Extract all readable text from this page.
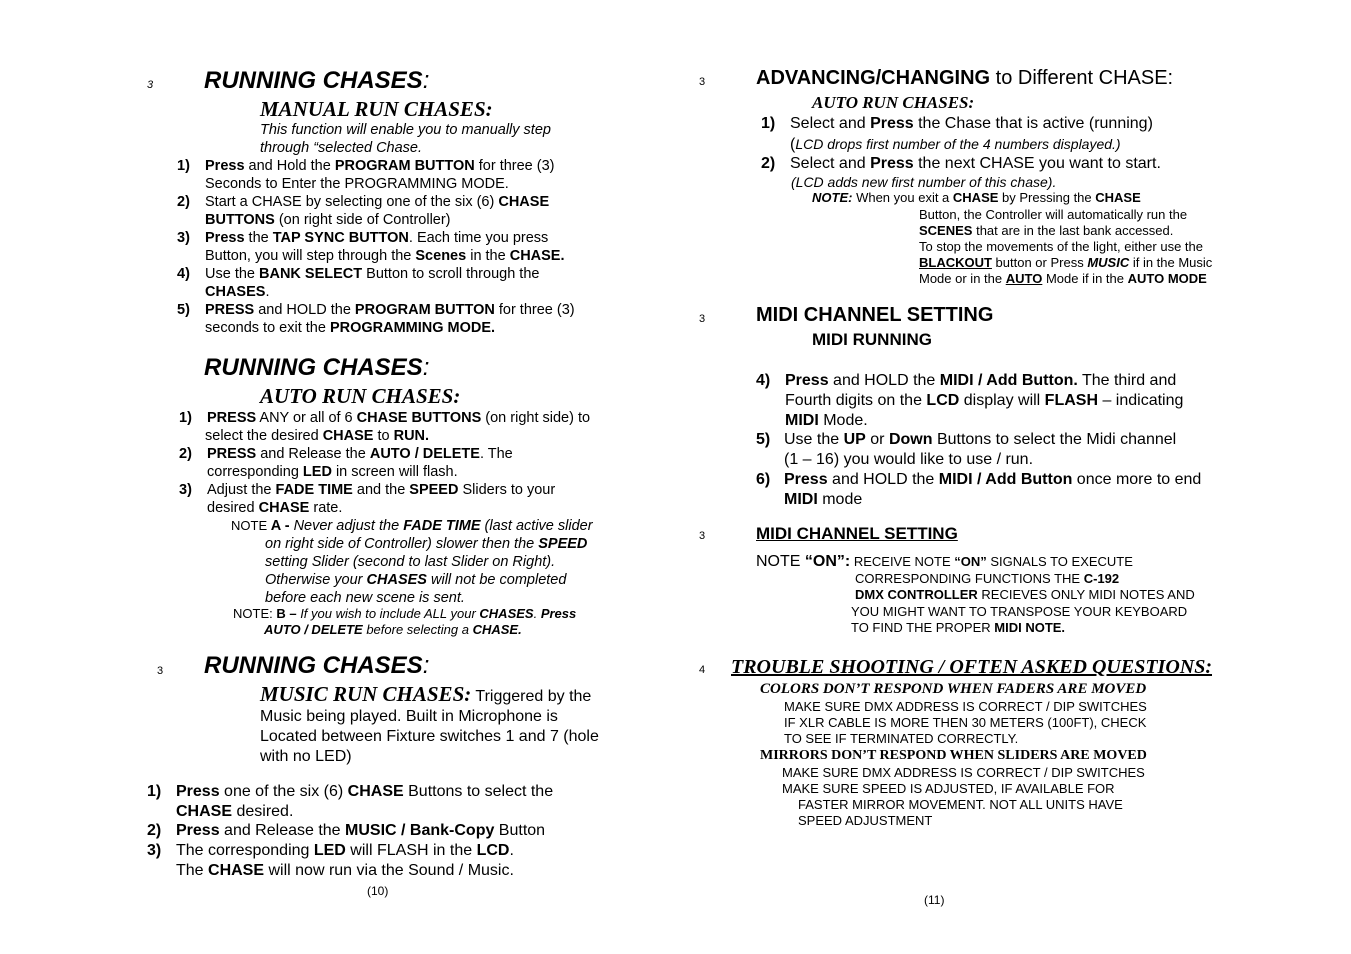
3 RUNNING CHASES:
MANUAL RUN CHASES:
This function will enable you to manually step
through “selected Chase.
1) Press and Hold the PROGRAM BUTTON for three (3)
Seconds to Enter the PROGRAMMING MODE.
2) Start a CHASE by selecting one of the six (6) CHASE
BUTTONS (on right side of Controller)
3) Press the TAP SYNC BUTTON. Each time you press
Button, you will step through the Scenes in the CHASE.
4) Use the BANK SELECT Button to scroll through the
CHASES.
5) PRESS and HOLD the PROGRAM BUTTON for three (3)
seconds to exit the PROGRAMMING MODE.
RUNNING CHASES:
AUTO RUN CHASES:
1) PRESS ANY or all of 6 CHASE BUTTONS (on right side) to
select the desired CHASE to RUN.
2) PRESS and Release the AUTO / DELETE. The
corresponding LED in screen will flash.
3) Adjust the FADE TIME and the SPEED Sliders to your
desired CHASE rate.
NOTE A - Never adjust the FADE TIME (last active slider
on right side of Controller) slower then the SPEED
setting Slider (second to last Slider on Right).
Otherwise your CHASES will not be completed
before each new scene is sent.
NOTE: B – If you wish to include ALL your CHASES. Press
AUTO / DELETE before selecting a CHASE.
3 RUNNING CHASES:
MUSIC RUN CHASES: Triggered by the
Music being played. Built in Microphone is
Located between Fixture switches 1 and 7 (hole
with no LED)
1) Press one of the six (6) CHASE Buttons to select the
CHASE desired.
2) Press and Release the MUSIC / Bank-Copy Button
3) The corresponding LED will FLASH in the LCD.
The CHASE will now run via the Sound / Music.
(10)
3	ADVANCING/CHANGING to Different CHASE:
AUTO RUN CHASES:
1) Select and Press the Chase that is active (running)
(LCD drops first number of the 4 numbers displayed.)
2) Select and Press the next CHASE you want to start.
(LCD adds new first number of this chase).
NOTE: When you exit a CHASE by Pressing the CHASE
Button, the Controller will automatically run the
SCENES that are in the last bank accessed.
To stop the movements of the light, either use the
BLACKOUT button or Press MUSIC if in the Music
Mode or in the AUTO Mode if in the AUTO MODE
3	MIDI CHANNEL SETTING
MIDI RUNNING
4) Press and HOLD the MIDI / Add Button. The third and
Fourth digits on the LCD display will FLASH – indicating
MIDI Mode.
5) Use the UP or Down Buttons to select the Midi channel
(1 – 16) you would like to use / run.
6) Press and HOLD the MIDI / Add Button once more to end
MIDI mode
3	MIDI CHANNEL SETTING
NOTE “ON”: RECEIVE NOTE “ON” SIGNALS TO EXECUTE
CORRESPONDING FUNCTIONS THE C-192
DMX CONTROLLER RECIEVES ONLY MIDI NOTES AND
YOU MIGHT WANT TO TRANSPOSE YOUR KEYBOARD
TO FIND THE PROPER MIDI NOTE.
4 TROUBLE SHOOTING / OFTEN ASKED QUESTIONS:
COLORS DON’T RESPOND WHEN FADERS ARE MOVED
MAKE SURE DMX ADDRESS IS CORRECT / DIP SWITCHES
IF XLR CABLE IS MORE THEN 30 METERS (100FT), CHECK
TO SEE IF TERMINATED CORRECTLY.
MIRRORS DON’T RESPOND WHEN SLIDERS ARE MOVED
MAKE SURE DMX ADDRESS IS CORRECT / DIP SWITCHES
MAKE SURE SPEED IS ADJUSTED, IF AVAILABLE FOR
FASTER MIRROR MOVEMENT. NOT ALL UNITS HAVE
SPEED ADJUSTMENT
(11)
